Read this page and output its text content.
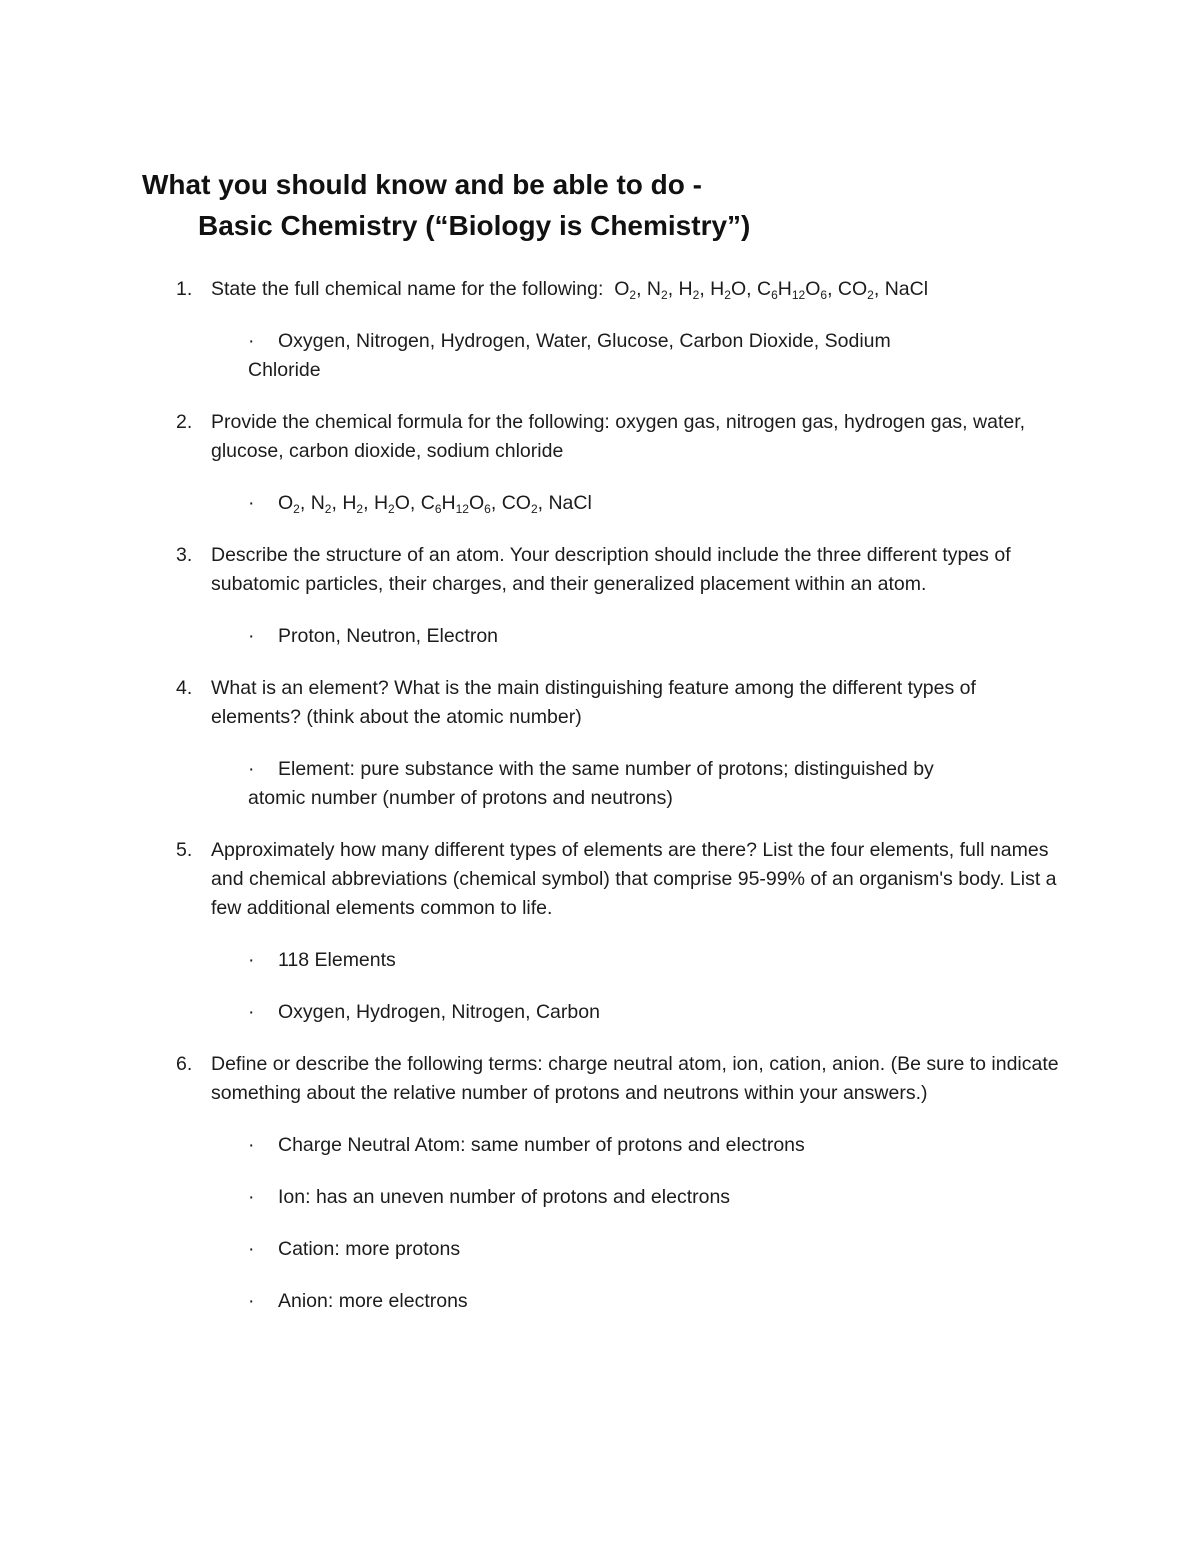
What you should know and be able to do -
Basic Chemistry (“Biology is Chemistry”)
1. State the full chemical name for the following: $O_2$, $N_2$, $H_2$, $H_2O$, $C_6H_{12}O_6$, $CO_2$, NaCl
· Oxygen, Nitrogen, Hydrogen, Water, Glucose, Carbon Dioxide, Sodium
Chloride
2. Provide the chemical formula for the following: oxygen gas, nitrogen gas, hydrogen gas, water, glucose, carbon dioxide, sodium chloride
· $O_2$, $N_2$, $H_2$, $H_2O$, $C_6H_{12}O_6$, $CO_2$, NaCl
3. Describe the structure of an atom. Your description should include the three different types of subatomic particles, their charges, and their generalized placement within an atom.
· Proton, Neutron, Electron
4. What is an element? What is the main distinguishing feature among the different types of elements? (think about the atomic number)
· Element: pure substance with the same number of protons; distinguished by
atomic number (number of protons and neutrons)
5. Approximately how many different types of elements are there? List the four elements, full names and chemical abbreviations (chemical symbol) that comprise 95-99% of an organism's body. List a few additional elements common to life.
· 118 Elements
· Oxygen, Hydrogen, Nitrogen, Carbon
6. Define or describe the following terms: charge neutral atom, ion, cation, anion. (Be sure to indicate something about the relative number of protons and neutrons within your answers.)
· Charge Neutral Atom: same number of protons and electrons
· Ion: has an uneven number of protons and electrons
· Cation: more protons
· Anion: more electrons
